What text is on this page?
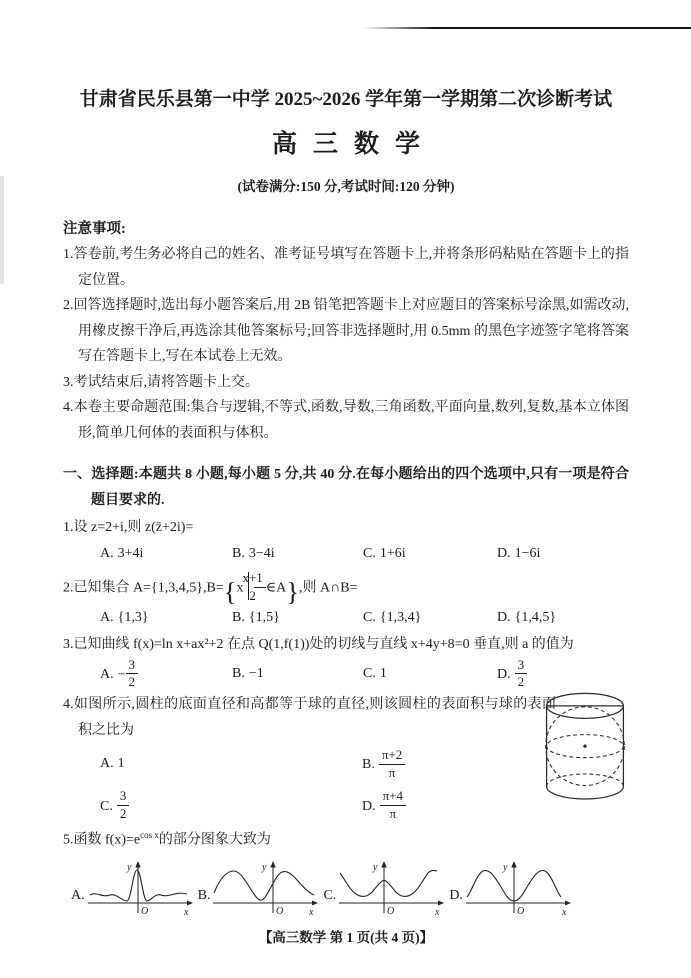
甘肃省民乐县第一中学 2025~2026 学年第一学期第二次诊断考试
高三数学
(试卷满分:150 分,考试时间:120 分钟)
注意事项:
1.答卷前,考生务必将自己的姓名、准考证号填写在答题卡上,并将条形码粘贴在答题卡上的指定位置。
2.回答选择题时,选出每小题答案后,用 2B 铅笔把答题卡上对应题目的答案标号涂黑,如需改动,用橡皮擦干净后,再选涂其他答案标号;回答非选择题时,用 0.5mm 的黑色字迹签字笔将答案写在答题卡上,写在本试卷上无效。
3.考试结束后,请将答题卡上交。
4.本卷主要命题范围:集合与逻辑,不等式,函数,导数,三角函数,平面向量,数列,复数,基本立体图形,简单几何体的表面积与体积。
一、选择题:本题共 8 小题,每小题 5 分,共 40 分.在每小题给出的四个选项中,只有一项是符合题目要求的.
1.设 z=2+i,则 z(z̄+2i)=
A. 3+4i	B. 3−4i	C. 1+6i	D. 1−6i
2.已知集合 $A=\{1,3,4,5\},B=\{x \frac{x+1}{2}$ ∈A},则 A∩B=
A. {1,3}	B. {1,5}	C. {1,3,4}	D. {1,4,5}
3.已知曲线 f(x)=ln x+ax²+2 在点 Q(1,f(1))处的切线与直线 x+4y+8=0 垂直,则 a 的值为
A. − $\frac{3}{2}$	B. −1	C. 1	D. $\frac{3}{2}$
4.如图所示,圆柱的底面直径和高都等于球的直径,则该圆柱的表面积与球的表面积之比为
A. 1	B. $\frac{\pi+2}{\pi}$
C. $\frac{3}{2}$	D. $\frac{\pi+4}{\pi}$
5.函数 $f(x)=e^{cos x}$的部分图象大致为
A.
y
O	x
B.
y
O	x
C.
y
O	x
D.
y
O	x
【高三数学 第 1 页(共 4 页)】
